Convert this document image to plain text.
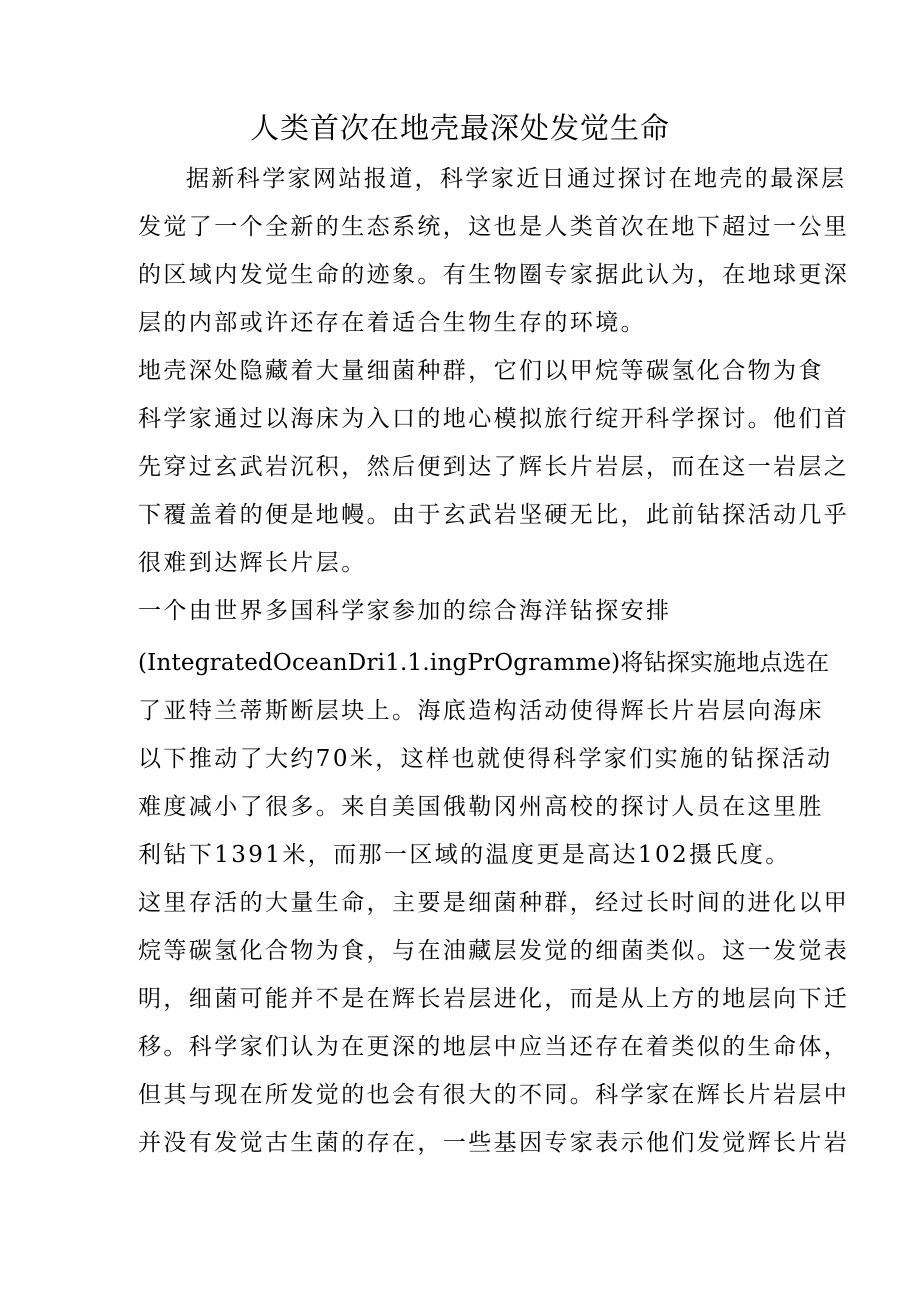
人类首次在地壳最深处发觉生命

据新科学家网站报道，科学家近日通过探讨在地壳的最深层

发觉了一个全新的生态系统，这也是人类首次在地下超过一公里

的区域内发觉生命的迹象。有生物圈专家据此认为，在地球更深

层的内部或许还存在着适合生物生存的环境。

地壳深处隐藏着大量细菌种群，它们以甲烷等碳氢化合物为食

科学家通过以海床为入口的地心模拟旅行绽开科学探讨。他们首

先穿过玄武岩沉积，然后便到达了辉长片岩层，而在这一岩层之

下覆盖着的便是地幔。由于玄武岩坚硬无比，此前钻探活动几乎

很难到达辉长片层。

一个由世界多国科学家参加的综合海洋钻探安排

(IntegratedOceanDri1.1.ingPrOgramme)将钻探实施地点选在

了亚特兰蒂斯断层块上。海底造构活动使得辉长片岩层向海床

以下推动了大约70米，这样也就使得科学家们实施的钻探活动

难度减小了很多。来自美国俄勒冈州高校的探讨人员在这里胜

利钻下1391米，而那一区域的温度更是高达102摄氏度。

这里存活的大量生命，主要是细菌种群，经过长时间的进化以甲

烷等碳氢化合物为食，与在油藏层发觉的细菌类似。这一发觉表

明，细菌可能并不是在辉长岩层进化，而是从上方的地层向下迁

移。科学家们认为在更深的地层中应当还存在着类似的生命体，

但其与现在所发觉的也会有很大的不同。科学家在辉长片岩层中

并没有发觉古生菌的存在，一些基因专家表示他们发觉辉长片岩
